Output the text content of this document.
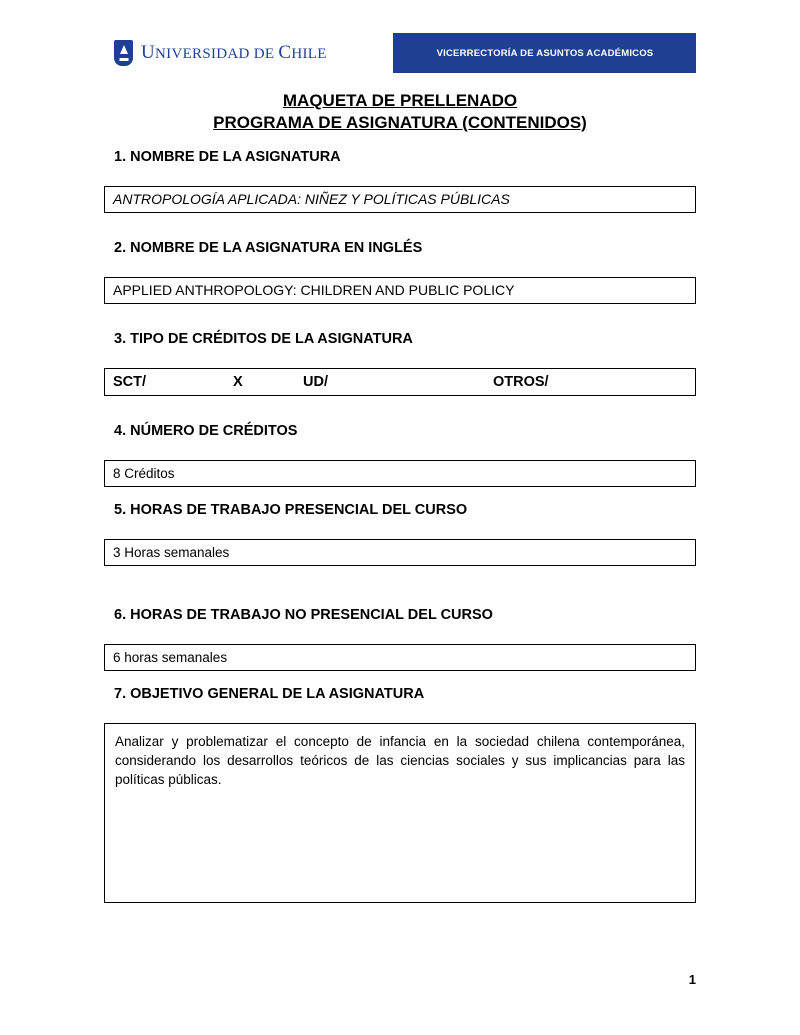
UNIVERSIDAD DE CHILE	VICERRECTORÍA DE ASUNTOS ACADÉMICOS
MAQUETA DE PRELLENADO
PROGRAMA DE ASIGNATURA (CONTENIDOS)
1. NOMBRE DE LA ASIGNATURA
ANTROPOLOGÍA APLICADA: NIÑEZ Y POLÍTICAS PÚBLICAS
2. NOMBRE DE LA ASIGNATURA EN INGLÉS
APPLIED ANTHROPOLOGY: CHILDREN AND PUBLIC POLICY
3. TIPO DE CRÉDITOS DE LA ASIGNATURA
SCT/	X	UD/	OTROS/
4. NÚMERO DE CRÉDITOS
8 Créditos
5. HORAS DE TRABAJO PRESENCIAL DEL CURSO
3 Horas semanales
6. HORAS DE TRABAJO NO PRESENCIAL DEL CURSO
6 horas semanales
7. OBJETIVO GENERAL DE LA ASIGNATURA
Analizar y problematizar el concepto de infancia en la sociedad chilena contemporánea, considerando los desarrollos teóricos de las ciencias sociales y sus implicancias para las políticas públicas.
1
